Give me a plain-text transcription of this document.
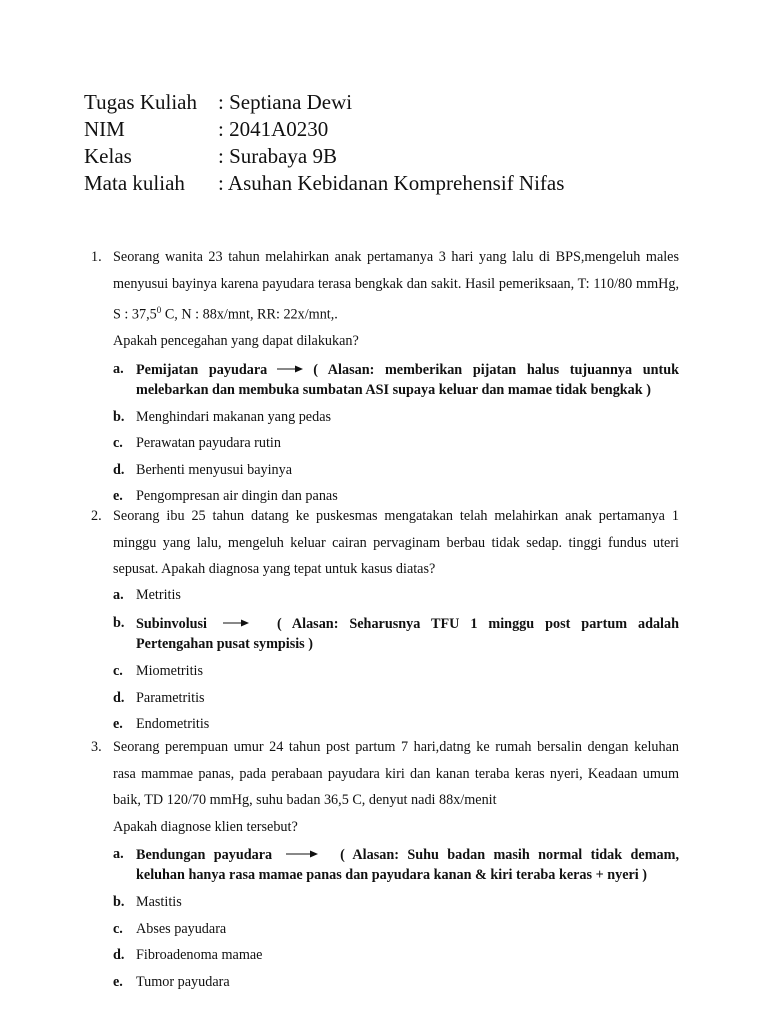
Tugas Kuliah	: Septiana Dewi
NIM	: 2041A0230
Kelas	: Surabaya 9B
Mata kuliah	: Asuhan Kebidanan Komprehensif Nifas
1. Seorang wanita 23 tahun melahirkan anak pertamanya 3 hari yang lalu di BPS,mengeluh males menyusui bayinya karena payudara terasa bengkak dan sakit. Hasil pemeriksaan, T: 110/80 mmHg, S : 37,5$^0$ C, N : 88x/mnt, RR: 22x/mnt,.
Apakah pencegahan yang dapat dilakukan?
a. Pemijatan payudara	( Alasan: memberikan pijatan halus tujuannya untuk melebarkan dan membuka sumbatan ASI supaya keluar dan mamae tidak bengkak )
b. Menghindari makanan yang pedas
c. Perawatan payudara rutin
d. Berhenti menyusui bayinya
e. Pengompresan air dingin dan panas
2. Seorang ibu 25 tahun datang ke puskesmas mengatakan telah melahirkan anak pertamanya 1 minggu yang lalu, mengeluh keluar cairan pervaginam berbau tidak sedap. tinggi fundus uteri sepusat. Apakah diagnosa yang tepat untuk kasus diatas?
a. Metritis
b. Subinvolusi	( Alasan: Seharusnya TFU 1 minggu post partum adalah Pertengahan pusat sympisis )
c. Miometritis
d. Parametritis
e. Endometritis
3. Seorang perempuan umur 24 tahun post partum 7 hari,datng ke rumah bersalin dengan keluhan rasa mammae panas, pada perabaan payudara kiri dan kanan teraba keras nyeri, Keadaan umum baik, TD 120/70 mmHg, suhu badan 36,5 C, denyut nadi 88x/menit
Apakah diagnose klien tersebut?
a. Bendungan payudara	( Alasan: Suhu badan masih normal tidak demam, keluhan hanya rasa mamae panas dan payudara kanan & kiri teraba keras + nyeri )
b. Mastitis
c. Abses payudara
d. Fibroadenoma mamae
e. Tumor payudara
